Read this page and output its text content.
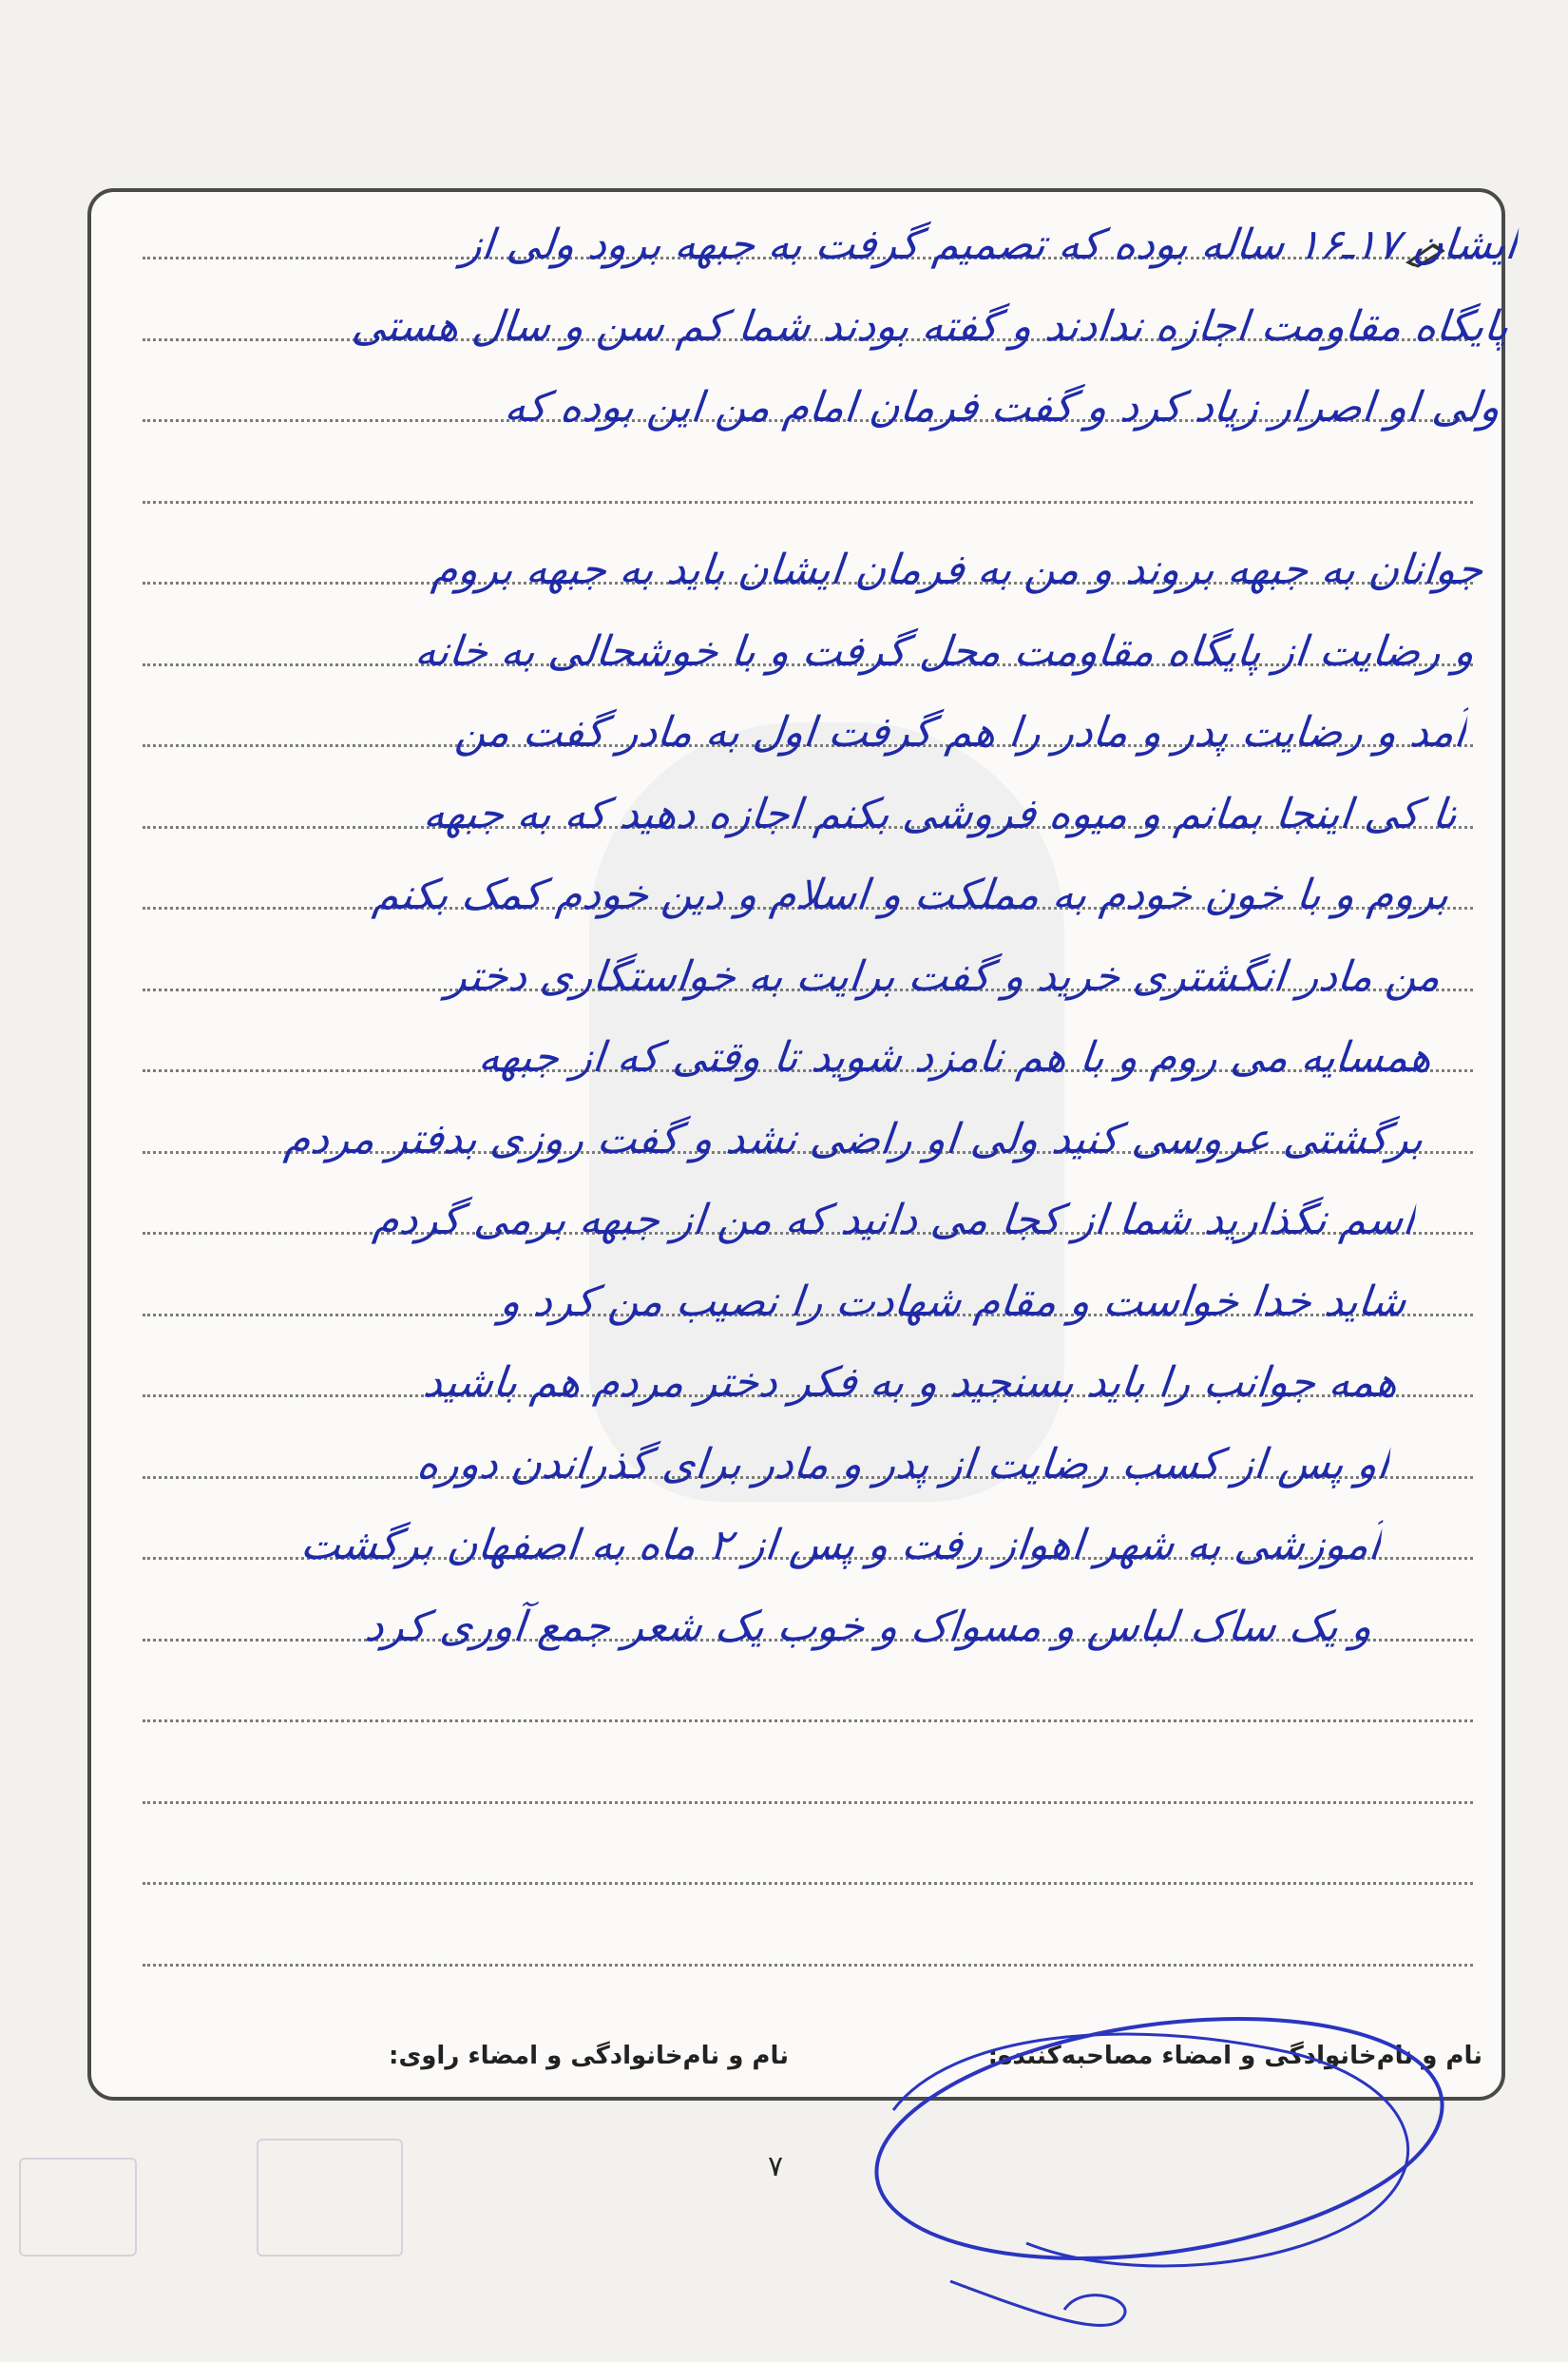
ایشان ۱۷ـ۱۶ ساله بوده که تصمیم گرفت به جبهه برود ولی از
پایگاه مقاومت اجازه ندادند و گفته بودند شما کم سن و سال هستی
ولی او اصرار زیاد کرد و گفت فرمان امام من این بوده که
جوانان به جبهه بروند و من به فرمان ایشان باید به جبهه بروم
و رضایت از پایگاه مقاومت محل گرفت و با خوشحالی به خانه
آمد و رضایت پدر و مادر را هم گرفت اول به مادر گفت من
تا کی اینجا بمانم و میوه فروشی بکنم اجازه دهید که به جبهه
بروم و با خون خودم به مملکت و اسلام و دین خودم کمک بکنم
من مادر انگشتری خرید و گفت برایت به خواستگاری دختر
همسایه می روم و با هم نامزد شوید تا وقتی که از جبهه
برگشتی عروسی کنید ولی او راضی نشد و گفت روزی بدفتر مردم
اسم نگذارید شما از کجا می دانید که من از جبهه برمی گردم
شاید خدا خواست و مقام شهادت را نصیب من کرد و
همه جوانب را باید بسنجید و به فکر دختر مردم هم باشید
او پس از کسب رضایت از پدر و مادر برای گذراندن دوره
آموزشی به شهر اهواز رفت و پس از ۲ ماه به اصفهان برگشت
و یک ساک لباس و مسواک و خوب یک شعر جمع آوری کرد
نام و نام‌خانوادگی و امضاء مصاحبه‌کننده:
نام و نام‌خانوادگی و امضاء راوی:
۷
